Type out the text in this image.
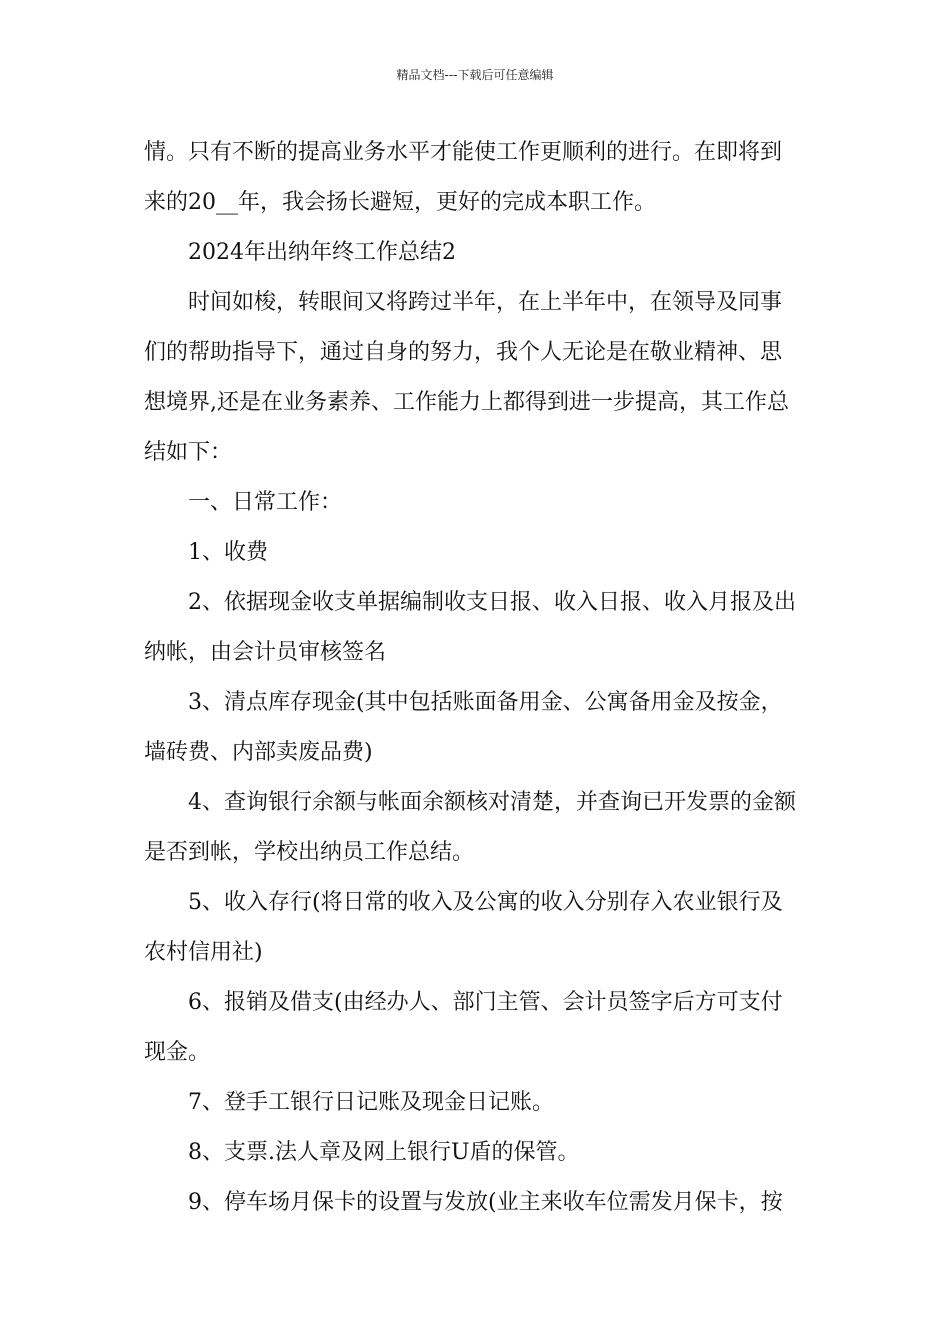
精品文档---下载后可任意编辑
情。只有不断的提高业务水平才能使工作更顺利的进行。在即将到
来的20__年，我会扬长避短，更好的完成本职工作。
2024年出纳年终工作总结2
时间如梭，转眼间又将跨过半年，在上半年中，在领导及同事
们的帮助指导下，通过自身的努力，我个人无论是在敬业精神、思
想境界,还是在业务素养、工作能力上都得到进一步提高，其工作总
结如下：
一、日常工作：
1、收费
2、依据现金收支单据编制收支日报、收入日报、收入月报及出
纳帐，由会计员审核签名
3、清点库存现金(其中包括账面备用金、公寓备用金及按金，
墙砖费、内部卖废品费)
4、查询银行余额与帐面余额核对清楚，并查询已开发票的金额
是否到帐，学校出纳员工作总结。
5、收入存行(将日常的收入及公寓的收入分别存入农业银行及
农村信用社)
6、报销及借支(由经办人、部门主管、会计员签字后方可支付
现金。
7、登手工银行日记账及现金日记账。
8、支票.法人章及网上银行U盾的保管。
9、停车场月保卡的设置与发放(业主来收车位需发月保卡，按
